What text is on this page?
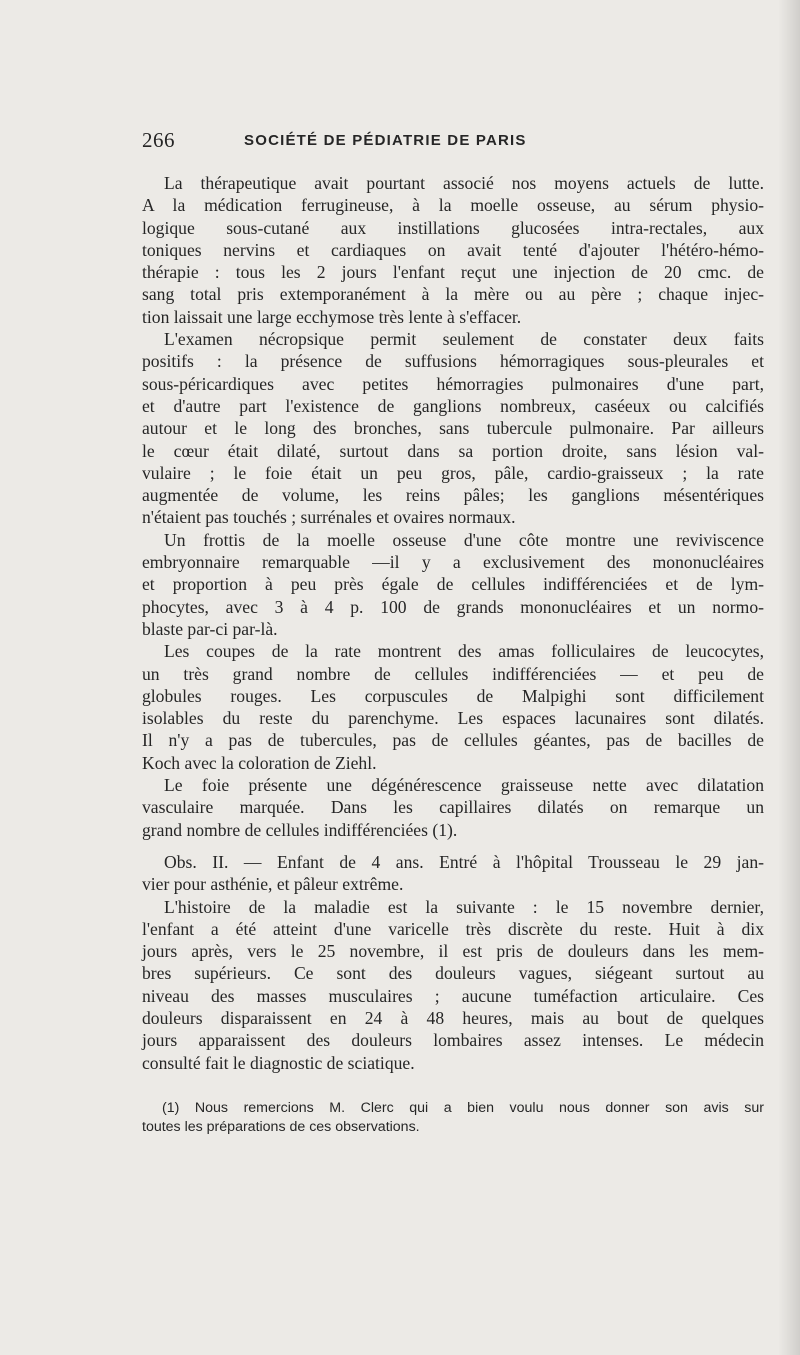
266	SOCIÉTÉ DE PÉDIATRIE DE PARIS
La thérapeutique avait pourtant associé nos moyens actuels de lutte.
A la médication ferrugineuse, à la moelle osseuse, au sérum physio-
logique sous-cutané aux instillations glucosées intra-rectales, aux
toniques nervins et cardiaques on avait tenté d'ajouter l'hétéro-hémo-
thérapie : tous les 2 jours l'enfant reçut une injection de 20 cmc. de
sang total pris extemporanément à la mère ou au père ; chaque injec-
tion laissait une large ecchymose très lente à s'effacer.
L'examen nécropsique permit seulement de constater deux faits
positifs : la présence de suffusions hémorragiques sous-pleurales et
sous-péricardiques avec petites hémorragies pulmonaires d'une part,
et d'autre part l'existence de ganglions nombreux, caséeux ou calcifiés
autour et le long des bronches, sans tubercule pulmonaire. Par ailleurs
le cœur était dilaté, surtout dans sa portion droite, sans lésion val-
vulaire ; le foie était un peu gros, pâle, cardio-graisseux ; la rate
augmentée de volume, les reins pâles; les ganglions mésentériques
n'étaient pas touchés ; surrénales et ovaires normaux.
Un frottis de la moelle osseuse d'une côte montre une reviviscence
embryonnaire remarquable —il y a exclusivement des mononucléaires
et proportion à peu près égale de cellules indifférenciées et de lym-
phocytes, avec 3 à 4 p. 100 de grands mononucléaires et un normo-
blaste par-ci par-là.
Les coupes de la rate montrent des amas folliculaires de leucocytes,
un très grand nombre de cellules indifférenciées — et peu de
globules rouges. Les corpuscules de Malpighi sont difficilement
isolables du reste du parenchyme. Les espaces lacunaires sont dilatés.
Il n'y a pas de tubercules, pas de cellules géantes, pas de bacilles de
Koch avec la coloration de Ziehl.
Le foie présente une dégénérescence graisseuse nette avec dilatation
vasculaire marquée. Dans les capillaires dilatés on remarque un
grand nombre de cellules indifférenciées (1).
Obs. II. — Enfant de 4 ans. Entré à l'hôpital Trousseau le 29 jan-
vier pour asthénie, et pâleur extrême.
L'histoire de la maladie est la suivante : le 15 novembre dernier,
l'enfant a été atteint d'une varicelle très discrète du reste. Huit à dix
jours après, vers le 25 novembre, il est pris de douleurs dans les mem-
bres supérieurs. Ce sont des douleurs vagues, siégeant surtout au
niveau des masses musculaires ; aucune tuméfaction articulaire. Ces
douleurs disparaissent en 24 à 48 heures, mais au bout de quelques
jours apparaissent des douleurs lombaires assez intenses. Le médecin
consulté fait le diagnostic de sciatique.
(1) Nous remercions M. Clerc qui a bien voulu nous donner son avis sur
toutes les préparations de ces observations.
